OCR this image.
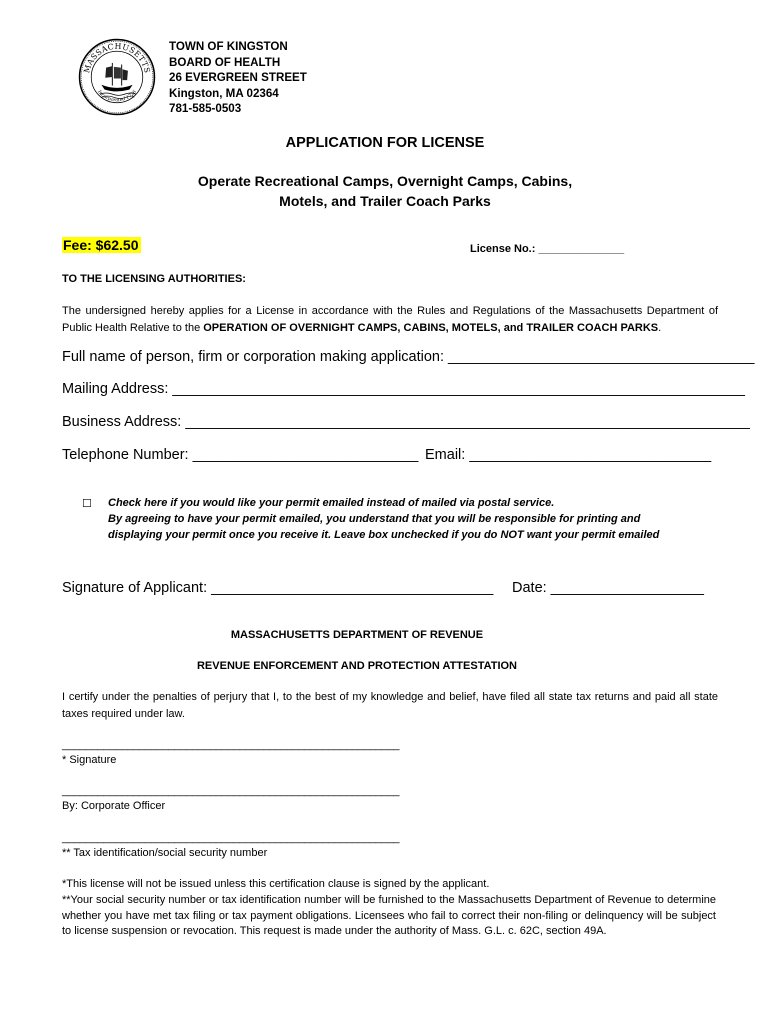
MASSACHUSETTS
Incorporated 1726
TOWN OF KINGSTON
BOARD OF HEALTH
26 EVERGREEN STREET
Kingston, MA 02364
781-585-0503
APPLICATION FOR LICENSE
Operate Recreational Camps, Overnight Camps, Cabins,
Motels, and Trailer Coach Parks
Fee: $62.50	License No.: ______________
TO THE LICENSING AUTHORITIES:
The undersigned hereby applies for a License in accordance with the Rules and Regulations of the Massachusetts Department of Public Health Relative to the OPERATION OF OVERNIGHT CAMPS, CABINS, MOTELS, and TRAILER COACH PARKS.
Full name of person, firm or corporation making application: ______________________________________
Mailing Address: _______________________________________________________________________
Business Address: ______________________________________________________________________
Telephone Number: ____________________________ Email: ______________________________
☐ Check here if you would like your permit emailed instead of mailed via postal service.
By agreeing to have your permit emailed, you understand that you will be responsible for printing and
displaying your permit once you receive it. Leave box unchecked if you do NOT want your permit emailed
Signature of Applicant: ___________________________________ Date: ___________________
MASSACHUSETTS DEPARTMENT OF REVENUE
REVENUE ENFORCEMENT AND PROTECTION ATTESTATION
I certify under the penalties of perjury that I, to the best of my knowledge and belief, have filed all state tax returns and paid all state taxes required under law.
_________________________________________________________
* Signature
_________________________________________________________
By: Corporate Officer
_________________________________________________________
** Tax identification/social security number
*This license will not be issued unless this certification clause is signed by the applicant.
**Your social security number or tax identification number will be furnished to the Massachusetts Department of Revenue to determine whether you have met tax filing or tax payment obligations. Licensees who fail to correct their non-filing or delinquency will be subject to license suspension or revocation. This request is made under the authority of Mass. G.L. c. 62C, section 49A.
